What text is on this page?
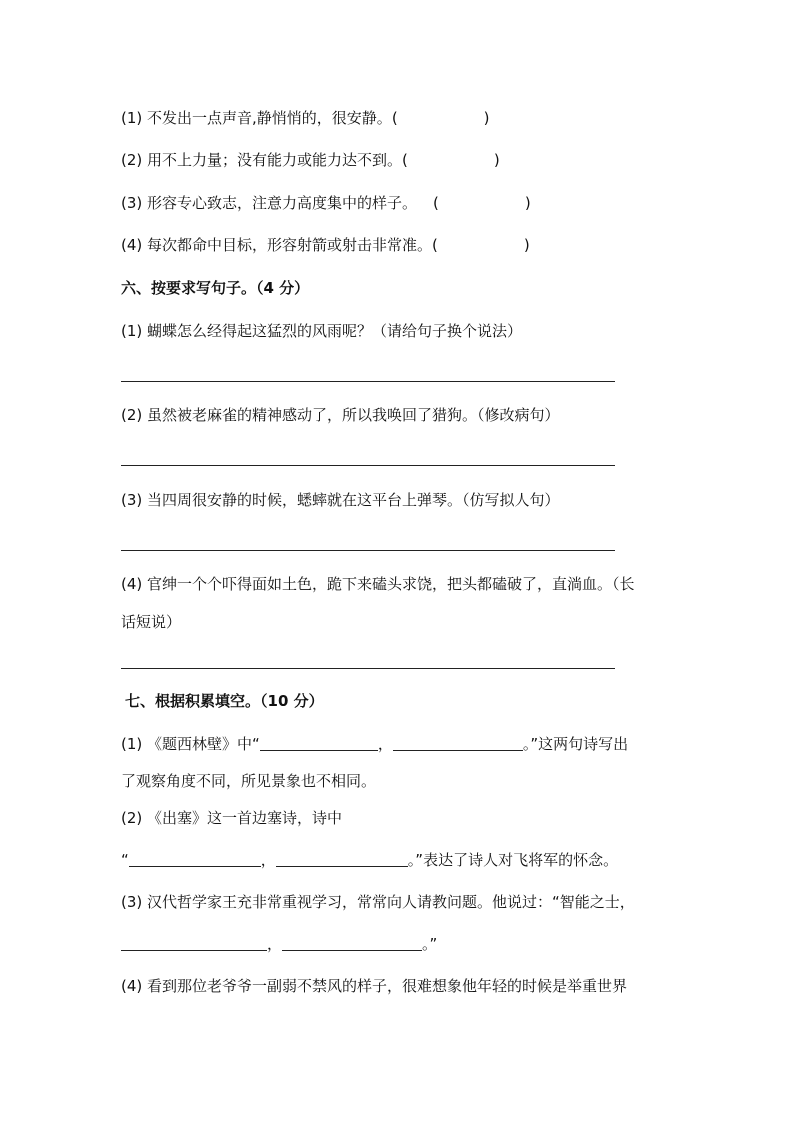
(1) 不发出一点声音,静悄悄的，很安静。(	)
(2) 用不上力量；没有能力或能力达不到。(	)
(3) 形容专心致志，注意力高度集中的样子。 (	)
(4) 每次都命中目标，形容射箭或射击非常准。(	)
六、按要求写句子。（4 分）
(1) 蝴蝶怎么经得起这猛烈的风雨呢？（请给句子换个说法）
(2) 虽然被老麻雀的精神感动了，所以我唤回了猎狗。（修改病句）
(3) 当四周很安静的时候，蟋蟀就在这平台上弹琴。（仿写拟人句）
(4) 官绅一个个吓得面如土色，跪下来磕头求饶，把头都磕破了，直淌血。（长
话短说）
七、根据积累填空。（10 分）
(1) 《题西林壁》中“	，	。”这两句诗写出
了观察角度不同，所见景象也不相同。
(2) 《出塞》这一首边塞诗，诗中
“	，	。”表达了诗人对飞将军的怀念。
(3) 汉代哲学家王充非常重视学习，常常向人请教问题。他说过：“智能之士，
，	。”
(4) 看到那位老爷爷一副弱不禁风的样子，很难想象他年轻的时候是举重世界
